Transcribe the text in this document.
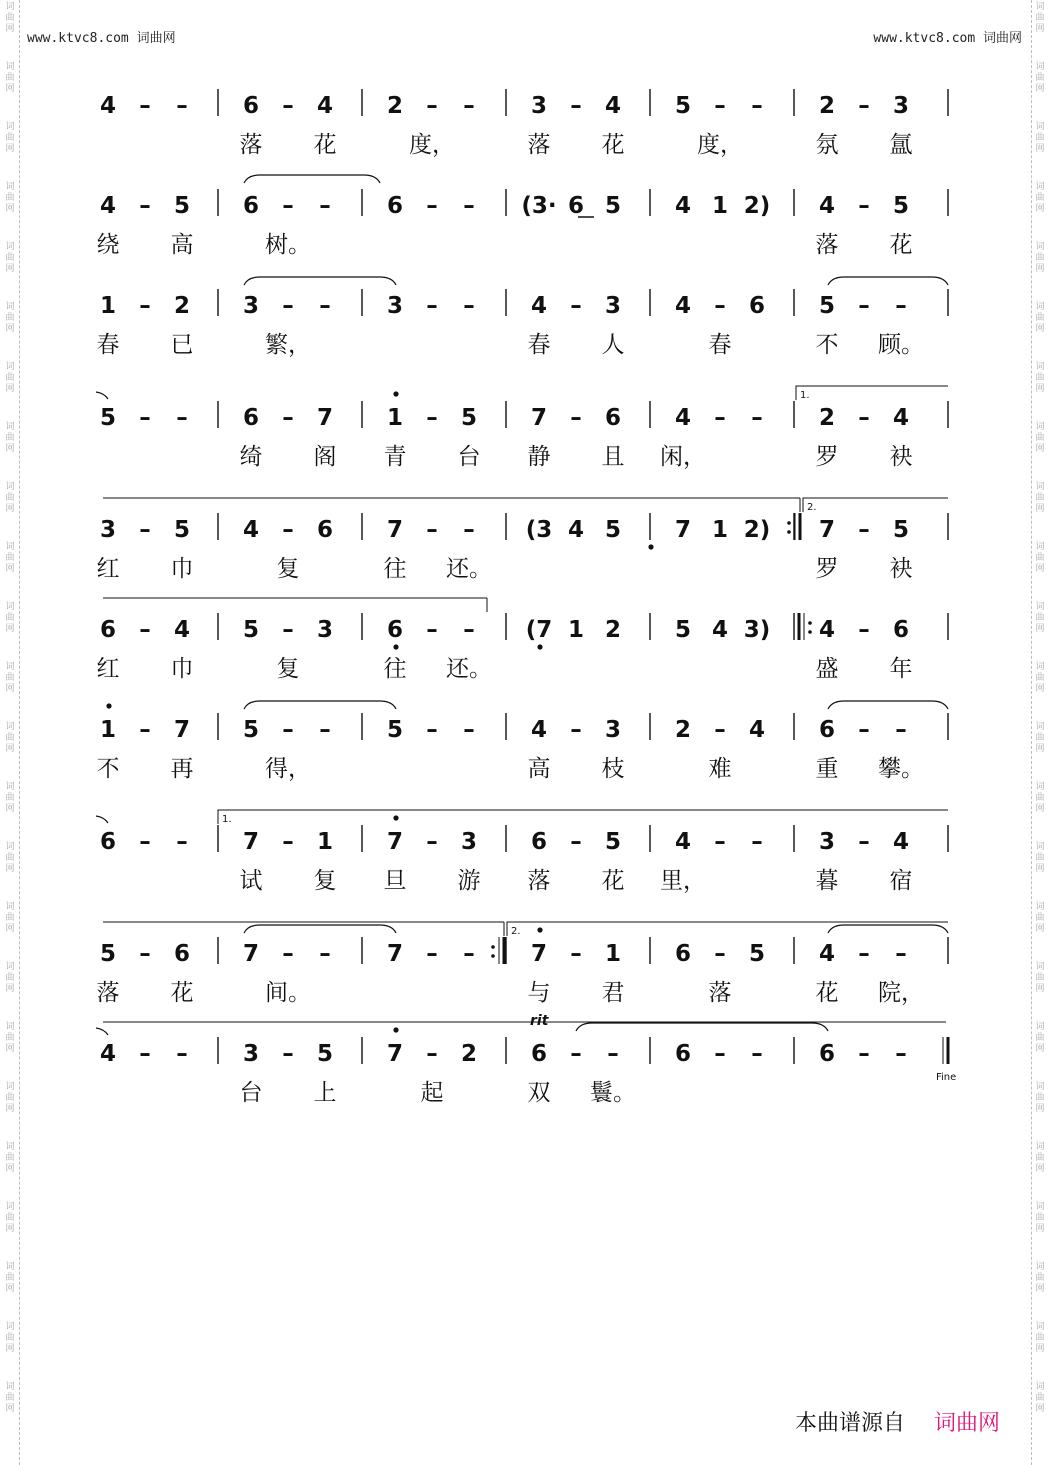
词
曲
网
词
曲
网
词
曲
网
词
曲
网
词
曲
网
词
曲
网
词
曲
网
词
曲
网
词
曲
网
词
曲
网
词
曲
网
词
曲
网
词
曲
网
词
曲
网
词
曲
网
词
曲
网
词
曲
网
词
曲
网
词
曲
网
词
曲
网
词
曲
网
词
曲
网
词
曲
网
词
曲
网
词
曲
网
词
曲
网
词
曲
网
词
曲
网
词
曲
网
词
曲
网
词
曲
网
词
曲
网
词
曲
网
词
曲
网
词
曲
网
词
曲
网
词
曲
网
词
曲
网
词
曲
网
词
曲
网
词
曲
网
词
曲
网
词
曲
网
词
曲
网
词
曲
网
词
曲
网
词
曲
网
词
曲
网
www.ktvc8.com 词曲网	www.ktvc8.com 词曲网
4 – – 6 – 4 2 – – 3 – 4 5 – – 2 – 3
落 花	度，	落 花	度，	氛 氲
4 – 5 6 – – 6 – – (3· 6 5 4 1 2) 4 – 5
绕 高	树。	落 花
1 – 2 3 – – 3 – – 4 – 3 4 – 6 5 – –
春 已	繁，	春 人	春	不 顾。
5 – – 6 – 7 1 – 5 7 – 6 4 – – 2 – 4
绮 阁 青 台 静 且 闲，	罗 袂
3 – 5 4 – 6 7 – – (3 4 5 7 1 2) 7 – 5
红 巾	复	往 还。	罗 袂
6 – 4 5 – 3 6 – – (7 1 2 5 4 3) 4 – 6
红 巾	复	往 还。	盛 年
1 – 7 5 – – 5 – – 4 – 3 2 – 4 6 – –
不 再	得，	高 枝	难	重 攀。
6 – – 7 – 1 7 – 3 6 – 5 4 – – 3 – 4
试 复 旦 游 落 花 里，	暮 宿
5 – 6 7 – – 7 – – 7 – 1 6 – 5 4 – –
落 花	间。	与 君	落	花 院，
4 – – 3 – 5 7 – 2 6 – – 6 – – 6 – –
台 上	起	双 鬟。
1.
2.
1.
2.
Fine
rit
本曲谱源自 词曲网
